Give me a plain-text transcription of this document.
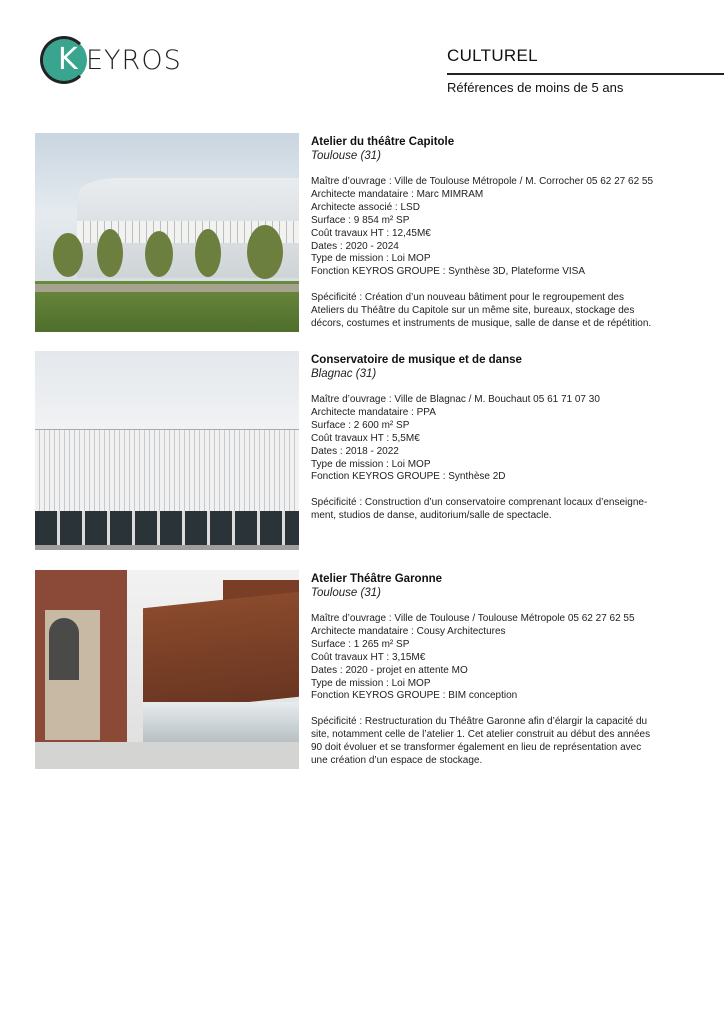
K EYROS	CULTUREL
Références de moins de 5 ans
Atelier du théâtre Capitole
Toulouse (31)
Maître d’ouvrage : Ville de Toulouse Métropole / M. Corrocher 05 62 27 62 55
Architecte mandataire : Marc MIMRAM
Architecte associé : LSD
Surface : 9 854 m² SP
Coût travaux HT : 12,45M€
Dates : 2020 - 2024
Type de mission : Loi MOP
Fonction KEYROS GROUPE : Synthèse 3D, Plateforme VISA
Spécificité : Création d’un nouveau bâtiment pour le regroupement des
Ateliers du Théâtre du Capitole sur un même site, bureaux, stockage des
décors, costumes et instruments de musique, salle de danse et de répétition.
Conservatoire de musique et de danse
Blagnac (31)
Maître d’ouvrage : Ville de Blagnac / M. Bouchaut 05 61 71 07 30
Architecte mandataire : PPA
Surface : 2 600 m² SP
Coût travaux HT : 5,5M€
Dates : 2018 - 2022
Type de mission : Loi MOP
Fonction KEYROS GROUPE : Synthèse 2D
Spécificité : Construction d’un conservatoire comprenant locaux d’enseigne-
ment, studios de danse, auditorium/salle de spectacle.
Atelier Théâtre Garonne
Toulouse (31)
Maître d’ouvrage : Ville de Toulouse / Toulouse Métropole 05 62 27 62 55
Architecte mandataire : Cousy Architectures
Surface : 1 265 m² SP
Coût travaux HT : 3,15M€
Dates : 2020 - projet en attente MO
Type de mission : Loi MOP
Fonction KEYROS GROUPE : BIM conception
Spécificité : Restructuration du Théâtre Garonne afin d’élargir la capacité du
site, notamment celle de l’atelier 1. Cet atelier construit au début des années
90 doit évoluer et se transformer également en lieu de représentation avec
une création d’un espace de stockage.
